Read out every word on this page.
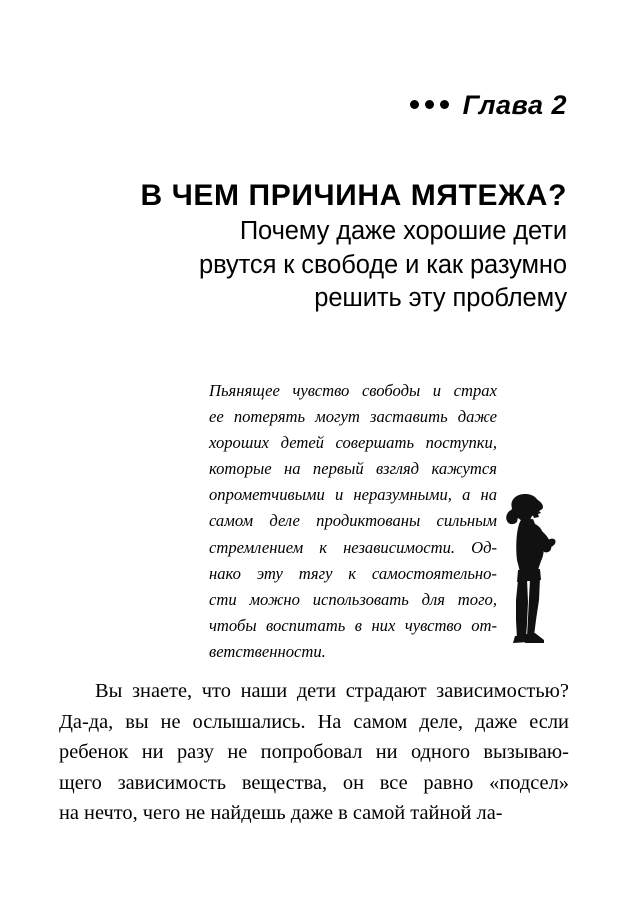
Глава 2
В ЧЕМ ПРИЧИНА МЯТЕЖА?
Почему даже хорошие дети
рвутся к свободе и как разумно
решить эту проблему
Пьянящее чувство свободы и страх
ее потерять могут заставить даже
хороших детей совершать поступки,
которые на первый взгляд кажутся
опрометчивыми и неразумными, а на
самом деле продиктованы сильным
стремлением к независимости. Од-
нако эту тягу к самостоятельно-
сти можно использовать для того,
чтобы воспитать в них чувство от-
ветственности.
Вы знаете, что наши дети страдают зависимостью?
Да-да, вы не ослышались. На самом деле, даже если
ребенок ни разу не попробовал ни одного вызываю-
щего зависимость вещества, он все равно «подсел»
на нечто, чего не найдешь даже в самой тайной ла-
